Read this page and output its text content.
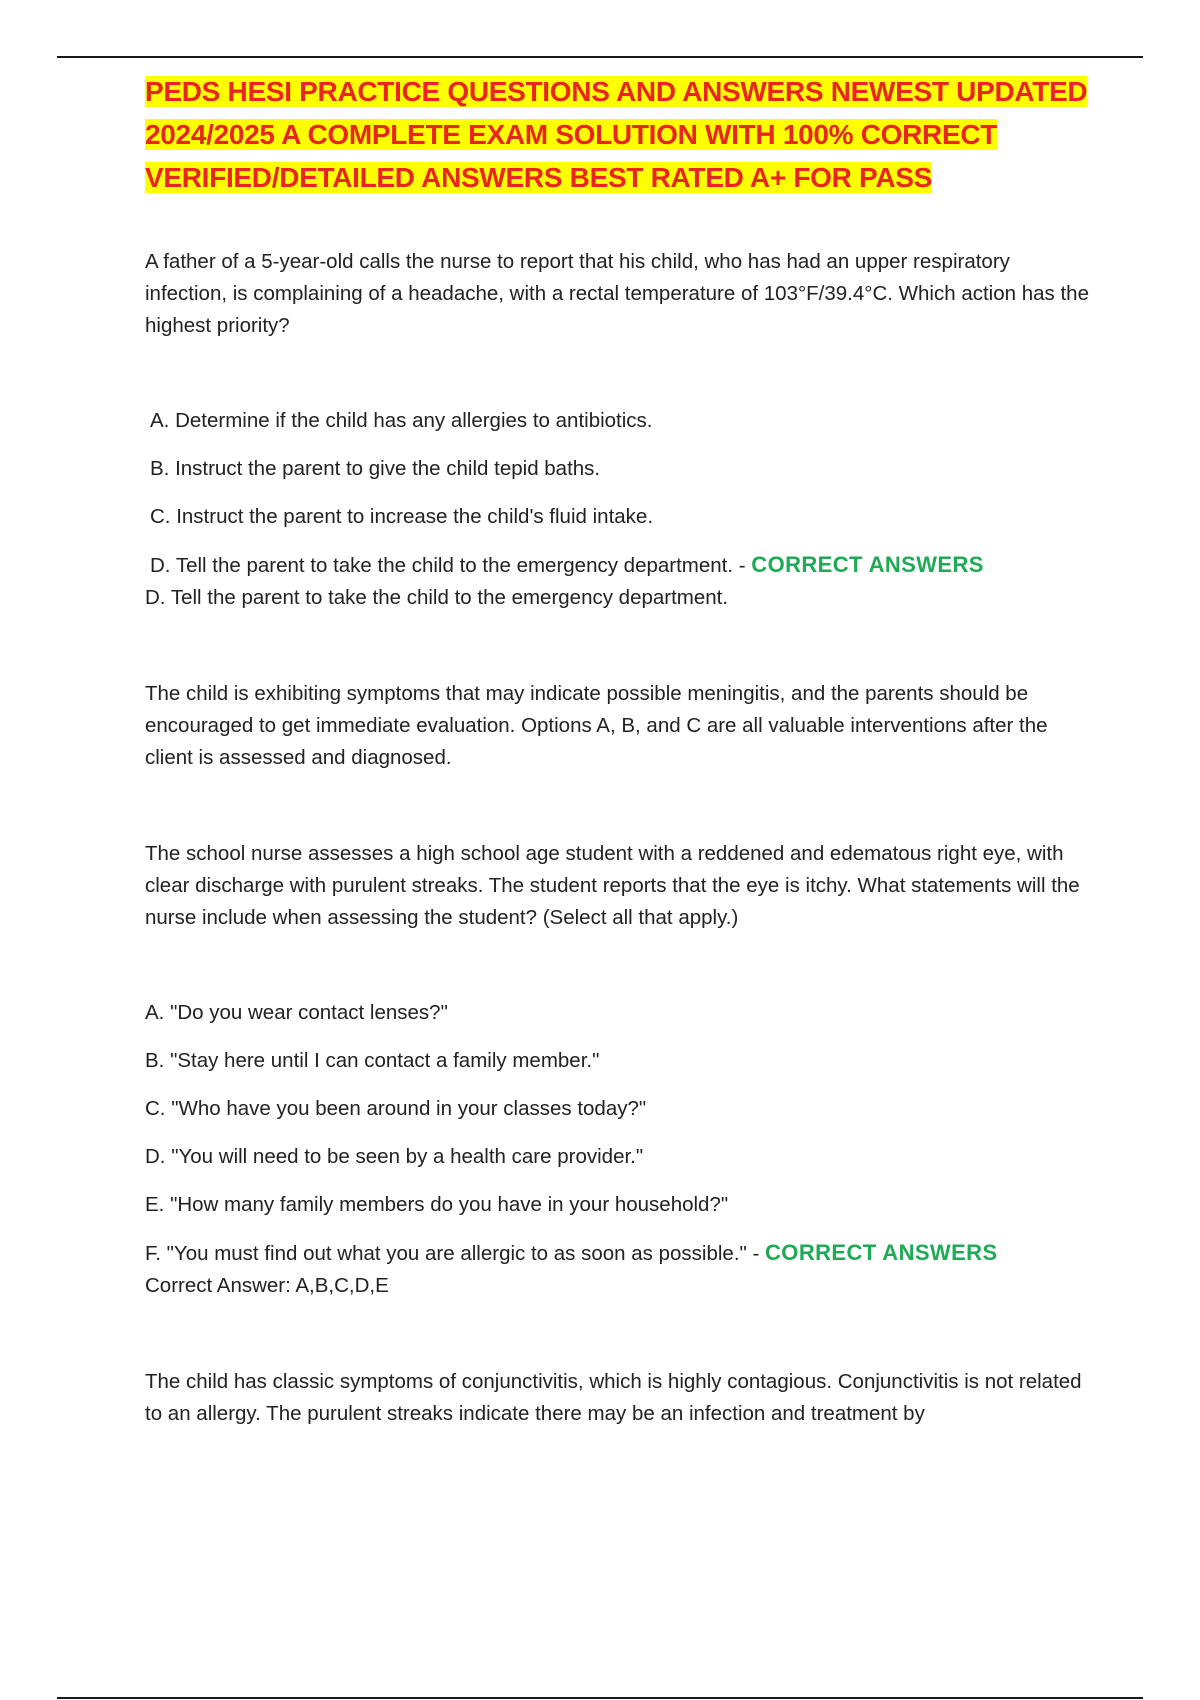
PEDS HESI PRACTICE QUESTIONS AND ANSWERS NEWEST UPDATED
2024/2025 A COMPLETE EXAM SOLUTION WITH 100% CORRECT
VERIFIED/DETAILED ANSWERS BEST RATED A+ FOR PASS

A father of a 5-year-old calls the nurse to report that his child, who has had an upper respiratory infection, is complaining of a headache, with a rectal temperature of 103°F/39.4°C. Which action has the highest priority?

A. Determine if the child has any allergies to antibiotics.
B. Instruct the parent to give the child tepid baths.
C. Instruct the parent to increase the child's fluid intake.
D. Tell the parent to take the child to the emergency department. - CORRECT ANSWERS

D. Tell the parent to take the child to the emergency department.

The child is exhibiting symptoms that may indicate possible meningitis, and the parents should be encouraged to get immediate evaluation. Options A, B, and C are all valuable interventions after the client is assessed and diagnosed.

The school nurse assesses a high school age student with a reddened and edematous right eye, with clear discharge with purulent streaks. The student reports that the eye is itchy. What statements will the nurse include when assessing the student? (Select all that apply.)

A. "Do you wear contact lenses?"
B. "Stay here until I can contact a family member."
C. "Who have you been around in your classes today?"
D. "You will need to be seen by a health care provider."
E. "How many family members do you have in your household?"
F. "You must find out what you are allergic to as soon as possible." - CORRECT ANSWERS

Correct Answer: A,B,C,D,E

The child has classic symptoms of conjunctivitis, which is highly contagious. Conjunctivitis is not related to an allergy. The purulent streaks indicate there may be an infection and treatment by
